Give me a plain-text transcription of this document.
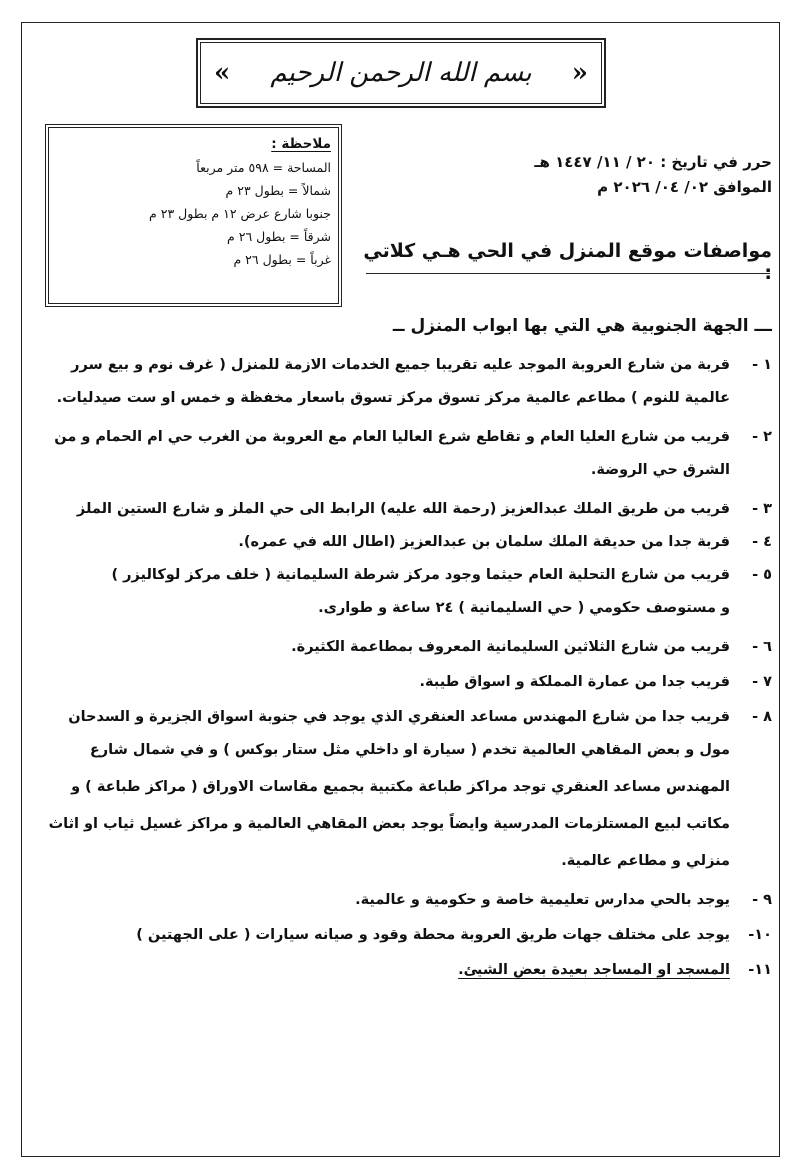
« بسم الله الرحمن الرحيم »
ملاحظة :
المساحة = ٥٩٨ متر مربعاً
شمالاً = بطول ٢٣ م
جنوبا شارع عرض ١٢ م بطول ٢٣ م
شرقاً = بطول ٢٦ م
غرباً = بطول ٢٦ م
حرر في تاريخ : ٢٠ / ١١/ ١٤٤٧ هـ
الموافق ٠٢/ ٠٤/ ٢٠٢٦ م
مواصفات موقع المنزل في الحي هـي كلاتي :
ـــ الجهة الجنوبية هي التي بها ابواب المنزل ــ
١ -
قربة من شارع العروبة الموجد عليه تقريبا جميع الخدمات الازمة للمنزل ( غرف نوم و بيع سرر
عالمية للنوم ) مطاعم عالمية مركز تسوق مركز تسوق باسعار مخفظة و خمس او ست صيدليات.
٢ -
قريب من شارع العليا العام و تقاطع شرع العاليا العام مع العروبة من الغرب حي ام الحمام و من
الشرق حي الروضة.
٣ -
قريب من طريق الملك عبدالعزيز (رحمة الله عليه) الرابط الى حي الملز و شارع الستين الملز
٤ -
قربة جدا من حديقة الملك سلمان بن عبدالعزيز (اطال الله في عمره).
٥ -
قريب من شارع التحلية العام حيثما وجود مركز شرطة السليمانية ( خلف مركز لوكاليزر )
و مستوصف حكومي ( حي السليمانية ) ٢٤ ساعة و طوارى.
٦ -
قريب من شارع الثلاثين السليمانية المعروف بمطاعمة الكثيرة.
٧ -
قريب جدا من عمارة المملكة و اسواق طيبة.
٨ -
قريب جدا من شارع المهندس مساعد العنقري الذي يوجد في جنوبة اسواق الجزيرة و السدحان
مول و بعض المقاهي العالمية تخدم ( سيارة او داخلي مثل ستار بوكس ) و في شمال شارع
المهندس مساعد العنقري توجد مراكز طباعة مكتبية بجميع مقاسات الاوراق ( مراكز طباعة ) و
مكاتب لبيع المستلزمات المدرسية وايضاً يوجد بعض المقاهي العالمية و مراكز غسيل ثياب او اثاث
منزلي و مطاعم عالمية.
٩ -
يوجد بالحي مدارس تعليمية خاصة و حكومية و عالمية.
١٠-
يوجد على مختلف جهات طريق العروبة محطة وقود و صيانه سيارات ( على الجهتين )
١١-
المسجد او المساجد بعيدة بعض الشيئ.
